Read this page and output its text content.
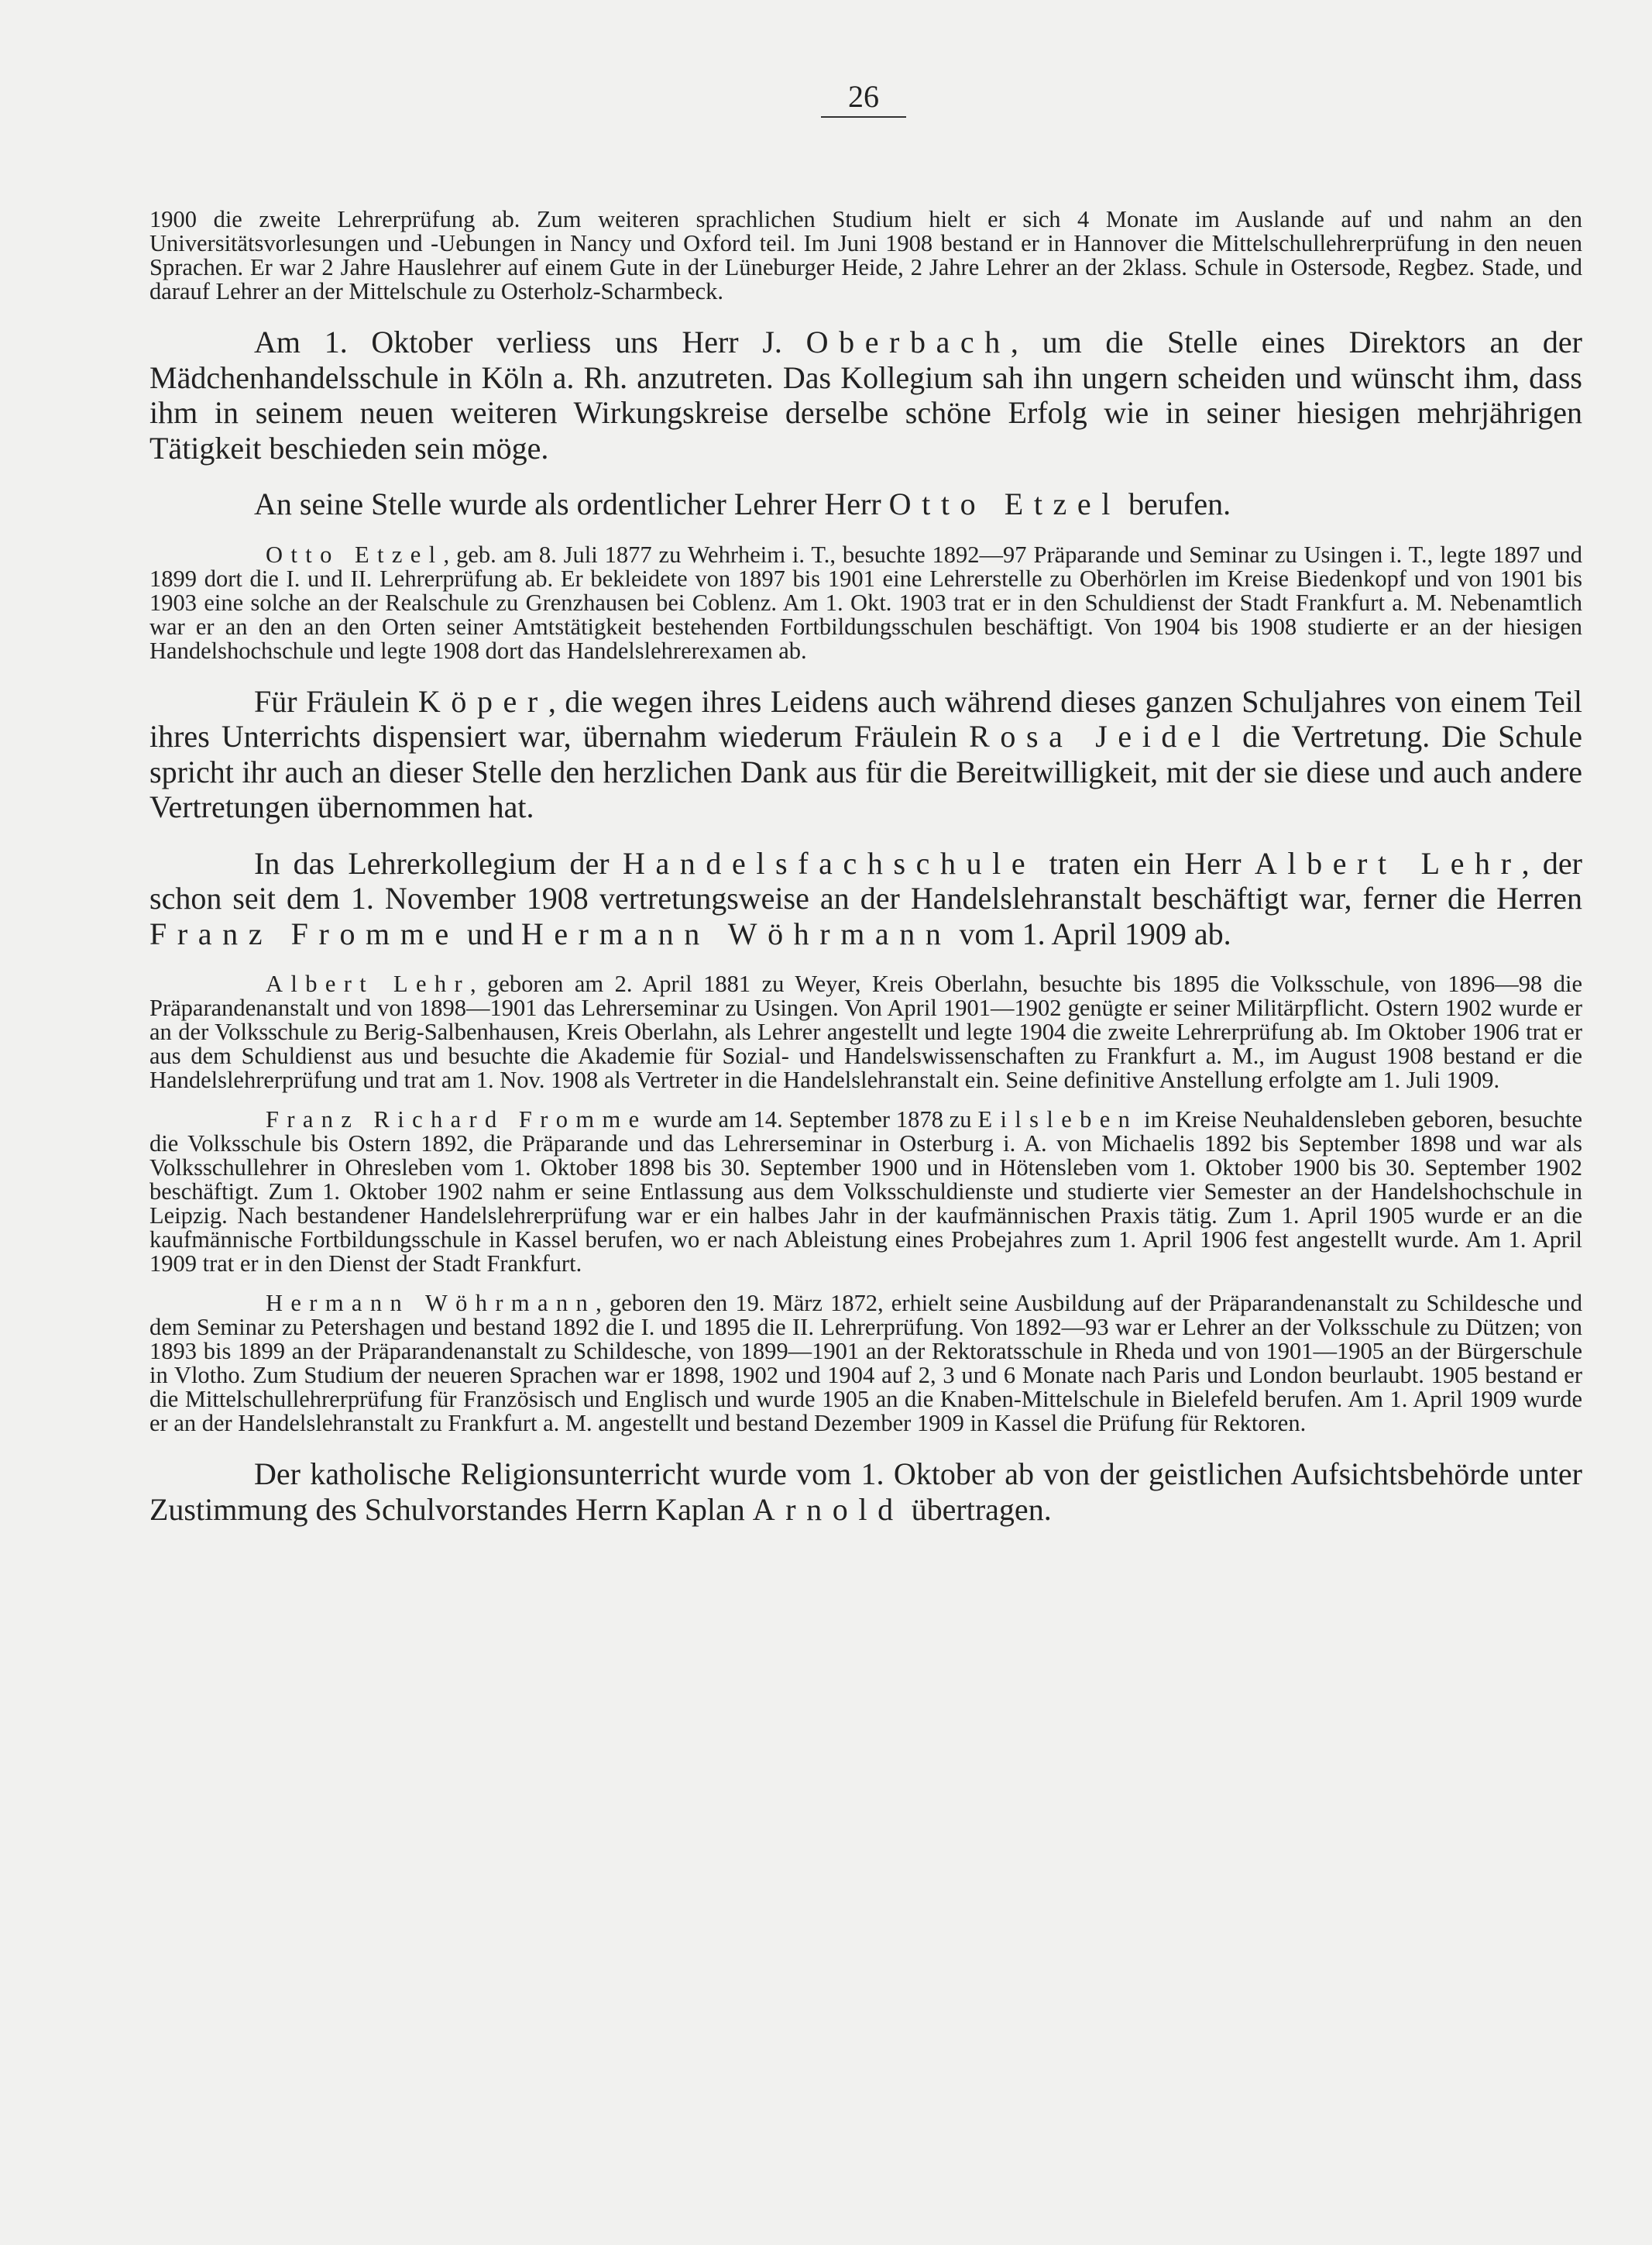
26

1900 die zweite Lehrerprüfung ab. Zum weiteren sprachlichen Studium hielt er sich 4 Monate im Auslande auf und nahm an den Universitätsvorlesungen und -Uebungen in Nancy und Oxford teil. Im Juni 1908 bestand er in Hannover die Mittelschullehrerprüfung in den neuen Sprachen. Er war 2 Jahre Hauslehrer auf einem Gute in der Lüneburger Heide, 2 Jahre Lehrer an der 2klass. Schule in Ostersode, Regbez. Stade, und darauf Lehrer an der Mittelschule zu Osterholz-Scharmbeck.

Am 1. Oktober verliess uns Herr J. Oberbach, um die Stelle eines Direktors an der Mädchenhandelsschule in Köln a. Rh. anzutreten. Das Kollegium sah ihn ungern scheiden und wünscht ihm, dass ihm in seinem neuen weiteren Wirkungskreise derselbe schöne Erfolg wie in seiner hiesigen mehrjährigen Tätigkeit beschieden sein möge.

An seine Stelle wurde als ordentlicher Lehrer Herr Otto Etzel berufen.

Otto Etzel, geb. am 8. Juli 1877 zu Wehrheim i. T., besuchte 1892—97 Präparande und Seminar zu Usingen i. T., legte 1897 und 1899 dort die I. und II. Lehrerprüfung ab. Er bekleidete von 1897 bis 1901 eine Lehrerstelle zu Oberhörlen im Kreise Biedenkopf und von 1901 bis 1903 eine solche an der Realschule zu Grenzhausen bei Coblenz. Am 1. Okt. 1903 trat er in den Schuldienst der Stadt Frankfurt a. M. Nebenamtlich war er an den an den Orten seiner Amtstätigkeit bestehenden Fortbildungsschulen beschäftigt. Von 1904 bis 1908 studierte er an der hiesigen Handelshochschule und legte 1908 dort das Handelslehrerexamen ab.

Für Fräulein Köper, die wegen ihres Leidens auch während dieses ganzen Schuljahres von einem Teil ihres Unterrichts dispensiert war, übernahm wiederum Fräulein Rosa Jeidel die Vertretung. Die Schule spricht ihr auch an dieser Stelle den herzlichen Dank aus für die Bereitwilligkeit, mit der sie diese und auch andere Vertretungen übernommen hat.

In das Lehrerkollegium der Handelsfachschule traten ein Herr Albert Lehr, der schon seit dem 1. November 1908 vertretungsweise an der Handelslehranstalt beschäftigt war, ferner die Herren Franz Fromme und Hermann Wöhrmann vom 1. April 1909 ab.

Albert Lehr, geboren am 2. April 1881 zu Weyer, Kreis Oberlahn, besuchte bis 1895 die Volksschule, von 1896—98 die Präparandenanstalt und von 1898—1901 das Lehrerseminar zu Usingen. Von April 1901—1902 genügte er seiner Militärpflicht. Ostern 1902 wurde er an der Volksschule zu Berig-Salbenhausen, Kreis Oberlahn, als Lehrer angestellt und legte 1904 die zweite Lehrerprüfung ab. Im Oktober 1906 trat er aus dem Schuldienst aus und besuchte die Akademie für Sozial- und Handelswissenschaften zu Frankfurt a. M., im August 1908 bestand er die Handelslehrerprüfung und trat am 1. Nov. 1908 als Vertreter in die Handelslehranstalt ein. Seine definitive Anstellung erfolgte am 1. Juli 1909.

Franz Richard Fromme wurde am 14. September 1878 zu Eilsleben im Kreise Neuhaldensleben geboren, besuchte die Volksschule bis Ostern 1892, die Präparande und das Lehrerseminar in Osterburg i. A. von Michaelis 1892 bis September 1898 und war als Volksschullehrer in Ohresleben vom 1. Oktober 1898 bis 30. September 1900 und in Hötensleben vom 1. Oktober 1900 bis 30. September 1902 beschäftigt. Zum 1. Oktober 1902 nahm er seine Entlassung aus dem Volksschuldienste und studierte vier Semester an der Handelshochschule in Leipzig. Nach bestandener Handelslehrerprüfung war er ein halbes Jahr in der kaufmännischen Praxis tätig. Zum 1. April 1905 wurde er an die kaufmännische Fortbildungsschule in Kassel berufen, wo er nach Ableistung eines Probejahres zum 1. April 1906 fest angestellt wurde. Am 1. April 1909 trat er in den Dienst der Stadt Frankfurt.

Hermann Wöhrmann, geboren den 19. März 1872, erhielt seine Ausbildung auf der Präparandenanstalt zu Schildesche und dem Seminar zu Petershagen und bestand 1892 die I. und 1895 die II. Lehrerprüfung. Von 1892—93 war er Lehrer an der Volksschule zu Dützen; von 1893 bis 1899 an der Präparandenanstalt zu Schildesche, von 1899—1901 an der Rektoratsschule in Rheda und von 1901—1905 an der Bürgerschule in Vlotho. Zum Studium der neueren Sprachen war er 1898, 1902 und 1904 auf 2, 3 und 6 Monate nach Paris und London beurlaubt. 1905 bestand er die Mittelschullehrerprüfung für Französisch und Englisch und wurde 1905 an die Knaben-Mittelschule in Bielefeld berufen. Am 1. April 1909 wurde er an der Handelslehranstalt zu Frankfurt a. M. angestellt und bestand Dezember 1909 in Kassel die Prüfung für Rektoren.

Der katholische Religionsunterricht wurde vom 1. Oktober ab von der geistlichen Aufsichtsbehörde unter Zustimmung des Schulvorstandes Herrn Kaplan Arnold übertragen.
